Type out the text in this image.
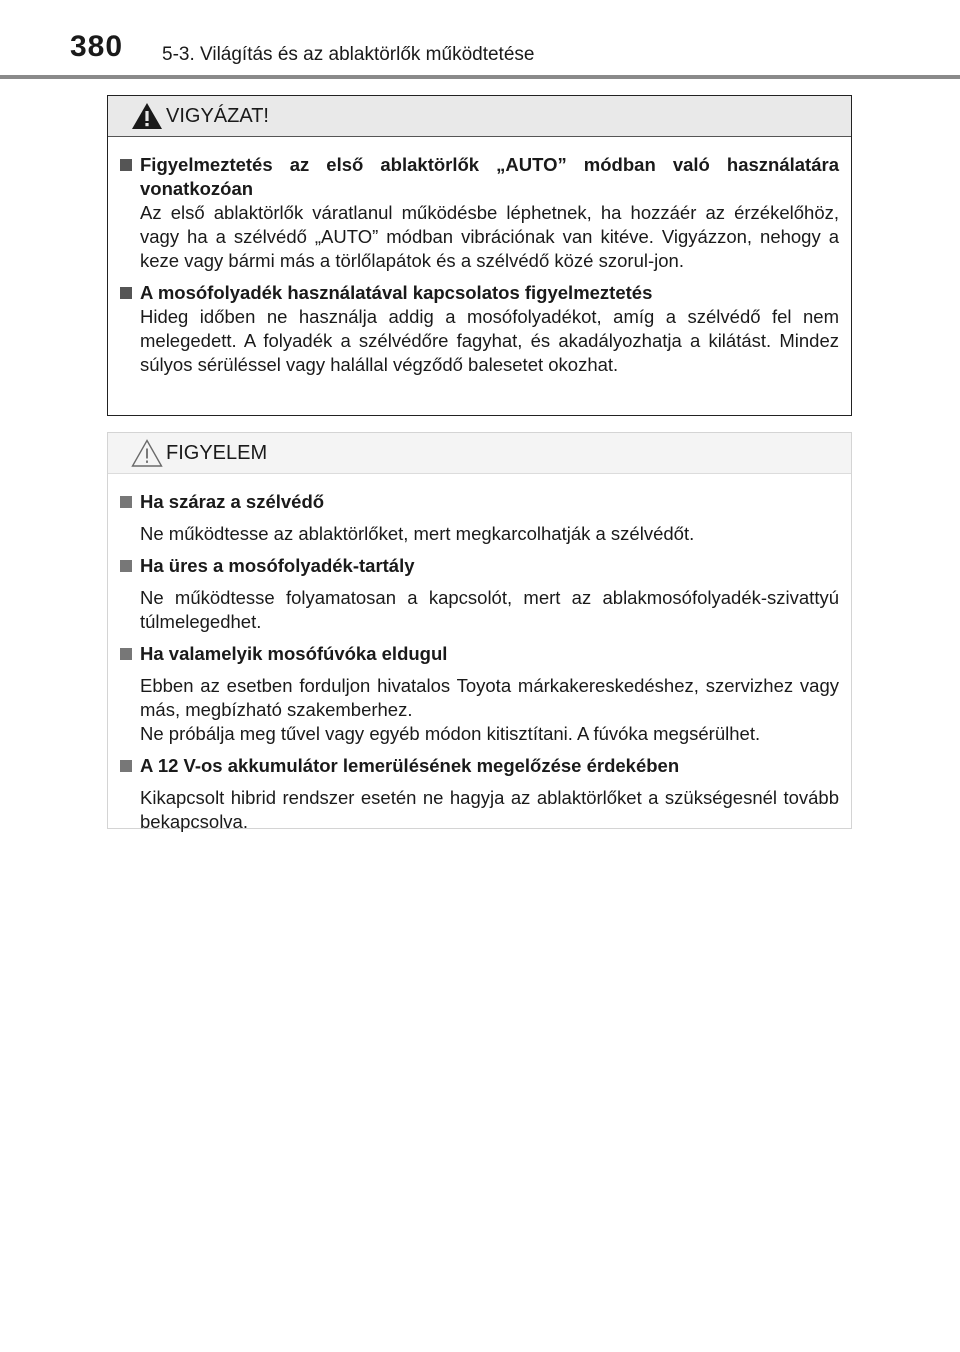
380 5-3. Világítás és az ablaktörlők működtetése
VIGYÁZAT!
Figyelmeztetés az első ablaktörlők „AUTO” módban való használatára vonatkozóan
Az első ablaktörlők váratlanul működésbe léphetnek, ha hozzáér az érzékelőhöz, vagy ha a szélvédő „AUTO” módban vibrációnak van kitéve. Vigyázzon, nehogy a keze vagy bármi más a törlőlapátok és a szélvédő közé szorul-jon.
A mosófolyadék használatával kapcsolatos figyelmeztetés
Hideg időben ne használja addig a mosófolyadékot, amíg a szélvédő fel nem melegedett. A folyadék a szélvédőre fagyhat, és akadályozhatja a kilátást. Mindez súlyos sérüléssel vagy halállal végződő balesetet okozhat.
FIGYELEM
Ha száraz a szélvédő
Ne működtesse az ablaktörlőket, mert megkarcolhatják a szélvédőt.
Ha üres a mosófolyadék-tartály
Ne működtesse folyamatosan a kapcsolót, mert az ablakmosófolyadék-szivattyú túlmelegedhet.
Ha valamelyik mosófúvóka eldugul
Ebben az esetben forduljon hivatalos Toyota márkakereskedéshez, szervizhez vagy más, megbízható szakemberhez.
Ne próbálja meg tűvel vagy egyéb módon kitisztítani. A fúvóka megsérülhet.
A 12 V-os akkumulátor lemerülésének megelőzése érdekében
Kikapcsolt hibrid rendszer esetén ne hagyja az ablaktörlőket a szükségesnél tovább bekapcsolva.
